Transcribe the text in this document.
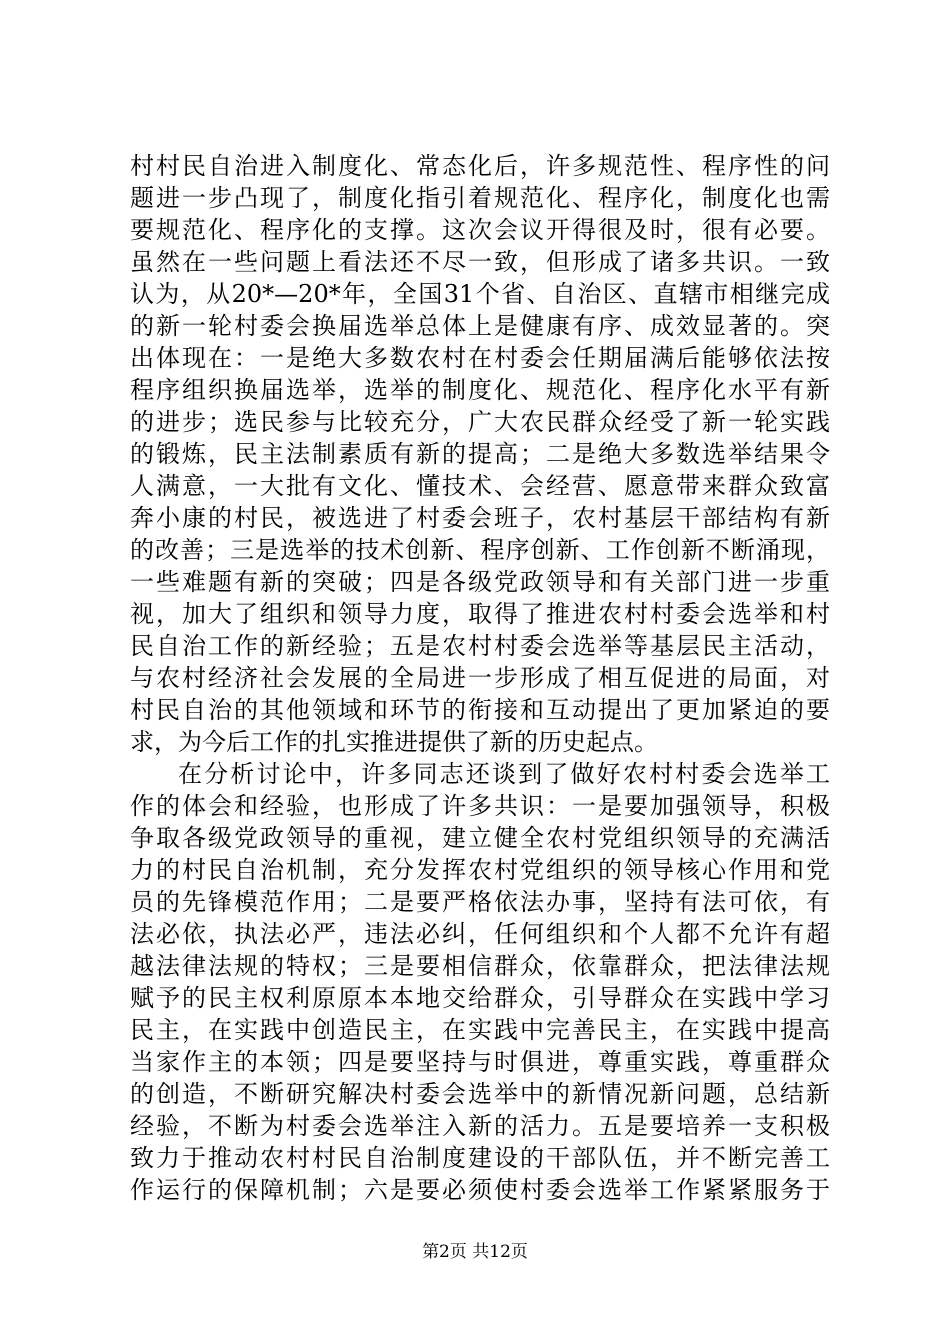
村村民自治进入制度化、常态化后，许多规范性、程序性的问
题进一步凸现了，制度化指引着规范化、程序化，制度化也需
要规范化、程序化的支撑。这次会议开得很及时，很有必要。
虽然在一些问题上看法还不尽一致，但形成了诸多共识。一致
认为，从20*—20*年，全国31个省、自治区、直辖市相继完成
的新一轮村委会换届选举总体上是健康有序、成效显著的。突
出体现在：一是绝大多数农村在村委会任期届满后能够依法按
程序组织换届选举，选举的制度化、规范化、程序化水平有新
的进步；选民参与比较充分，广大农民群众经受了新一轮实践
的锻炼，民主法制素质有新的提高；二是绝大多数选举结果令
人满意，一大批有文化、懂技术、会经营、愿意带来群众致富
奔小康的村民，被选进了村委会班子，农村基层干部结构有新
的改善；三是选举的技术创新、程序创新、工作创新不断涌现，
一些难题有新的突破；四是各级党政领导和有关部门进一步重
视，加大了组织和领导力度，取得了推进农村村委会选举和村
民自治工作的新经验；五是农村村委会选举等基层民主活动，
与农村经济社会发展的全局进一步形成了相互促进的局面，对
村民自治的其他领域和环节的衔接和互动提出了更加紧迫的要
求，为今后工作的扎实推进提供了新的历史起点。
在分析讨论中，许多同志还谈到了做好农村村委会选举工
作的体会和经验，也形成了许多共识：一是要加强领导，积极
争取各级党政领导的重视，建立健全农村党组织领导的充满活
力的村民自治机制，充分发挥农村党组织的领导核心作用和党
员的先锋模范作用；二是要严格依法办事，坚持有法可依，有
法必依，执法必严，违法必纠，任何组织和个人都不允许有超
越法律法规的特权；三是要相信群众，依靠群众，把法律法规
赋予的民主权利原原本本地交给群众，引导群众在实践中学习
民主，在实践中创造民主，在实践中完善民主，在实践中提高
当家作主的本领；四是要坚持与时俱进，尊重实践，尊重群众
的创造，不断研究解决村委会选举中的新情况新问题，总结新
经验，不断为村委会选举注入新的活力。五是要培养一支积极
致力于推动农村村民自治制度建设的干部队伍，并不断完善工
作运行的保障机制；六是要必须使村委会选举工作紧紧服务于
第2页 共12页
